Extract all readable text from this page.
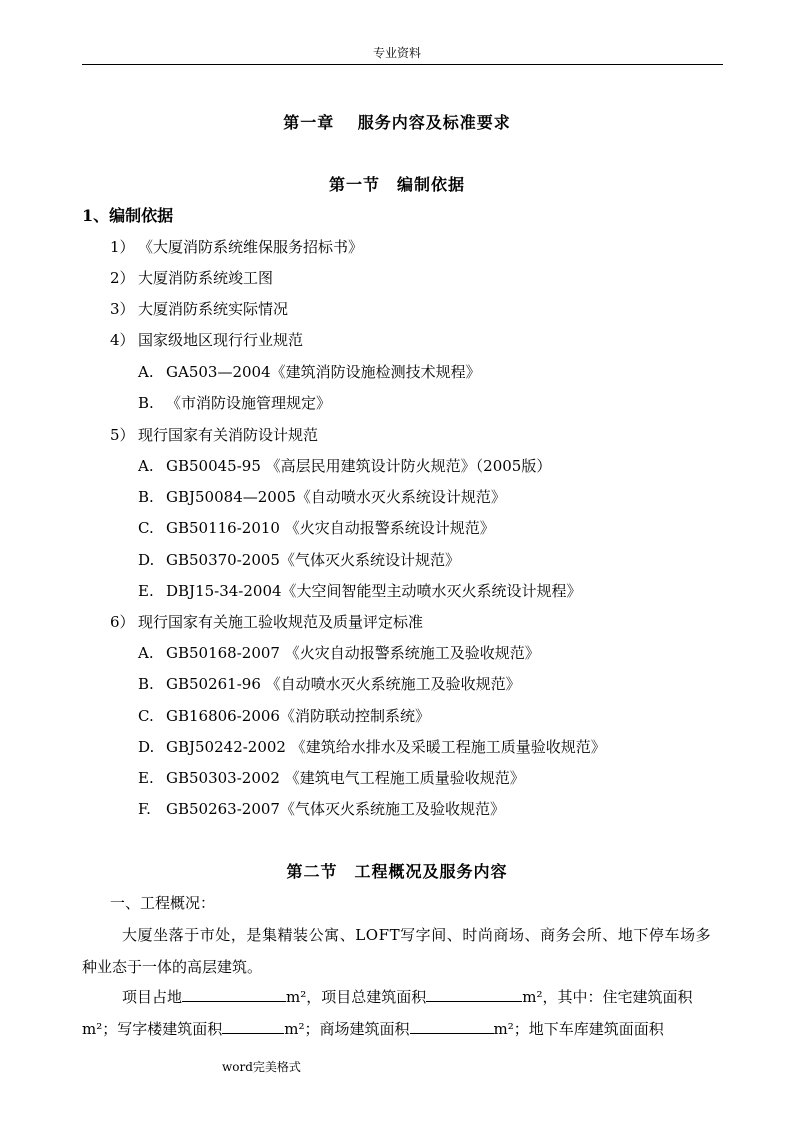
专业资料
第一章　 服务内容及标准要求
第一节　编制依据
1、编制依据
1） 《大厦消防系统维保服务招标书》
2） 大厦消防系统竣工图
3） 大厦消防系统实际情况
4） 国家级地区现行行业规范
A. GA503—2004《建筑消防设施检测技术规程》
B. 《市消防设施管理规定》
5） 现行国家有关消防设计规范
A. GB50045-95 《高层民用建筑设计防火规范》（2005版）
B. GBJ50084—2005《自动喷水灭火系统设计规范》
C. GB50116-2010 《火灾自动报警系统设计规范》
D. GB50370-2005《气体灭火系统设计规范》
E. DBJ15-34-2004《大空间智能型主动喷水灭火系统设计规程》
6） 现行国家有关施工验收规范及质量评定标准
A. GB50168-2007 《火灾自动报警系统施工及验收规范》
B. GB50261-96 《自动喷水灭火系统施工及验收规范》
C. GB16806-2006《消防联动控制系统》
D. GBJ50242-2002 《建筑给水排水及采暖工程施工质量验收规范》
E. GB50303-2002 《建筑电气工程施工质量验收规范》
F. GB50263-2007《气体灭火系统施工及验收规范》
第二节　工程概况及服务内容
一、工程概况：
大厦坐落于市处，是集精装公寓、LOFT写字间、时尚商场、商务会所、地下停车场多
种业态于一体的高层建筑。
项目占地	m²，项目总建筑面积	m²，其中：住宅建筑面积
m²；写字楼建筑面积	m²；商场建筑面积	m²；地下车库建筑面面积
word完美格式
